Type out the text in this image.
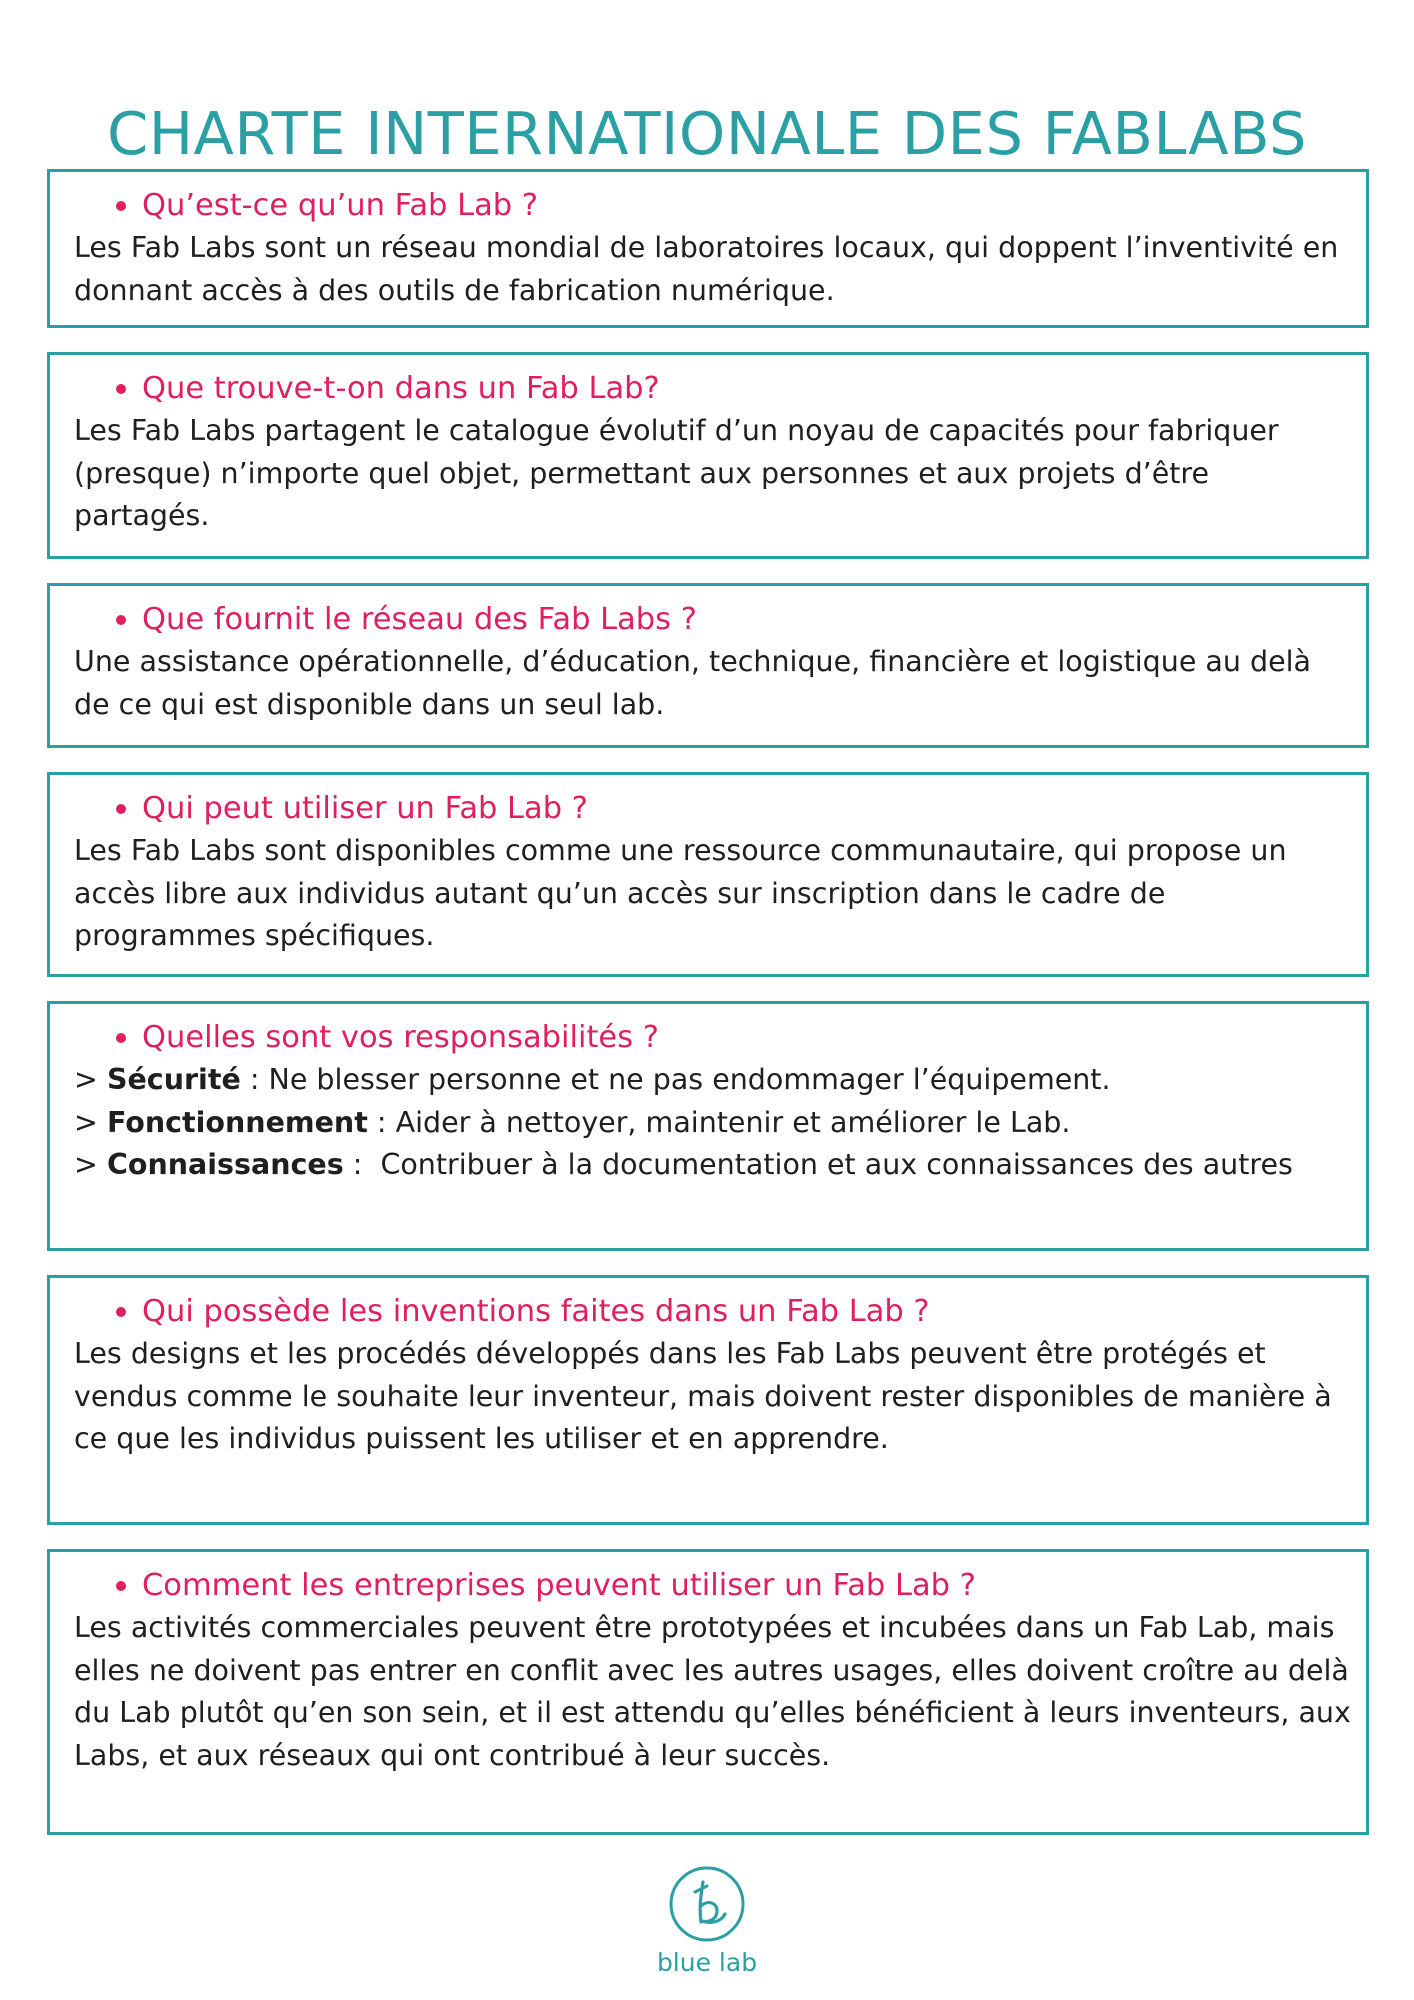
CHARTE INTERNATIONALE DES FABLABS
Qu’est-ce qu’un Fab Lab ?
Les Fab Labs sont un réseau mondial de laboratoires locaux, qui doppent l’inventivité en donnant accès à des outils de fabrication numérique.
Que trouve-t-on dans un Fab Lab?
Les Fab Labs partagent le catalogue évolutif d’un noyau de capacités pour fabriquer (presque) n’importe quel objet, permettant aux personnes et aux projets d’être partagés.
Que fournit le réseau des Fab Labs ?
Une assistance opérationnelle, d’éducation, technique, financière et logistique au delà de ce qui est disponible dans un seul lab.
Qui peut utiliser un Fab Lab ?
Les Fab Labs sont disponibles comme une ressource communautaire, qui propose un accès libre aux individus autant qu’un accès sur inscription dans le cadre de programmes spécifiques.
Quelles sont vos responsabilités ?
> Sécurité : Ne blesser personne et ne pas endommager l’équipement.
> Fonctionnement : Aider à nettoyer, maintenir et améliorer le Lab.
> Connaissances :  Contribuer à la documentation et aux connaissances des autres
Qui possède les inventions faites dans un Fab Lab ?
Les designs et les procédés développés dans les Fab Labs peuvent être protégés et vendus comme le souhaite leur inventeur, mais doivent rester disponibles de manière à ce que les individus puissent les utiliser et en apprendre.
Comment les entreprises peuvent utiliser un Fab Lab ?
Les activités commerciales peuvent être prototypées et incubées dans un Fab Lab, mais elles ne doivent pas entrer en conflit avec les autres usages, elles doivent croître au delà du Lab plutôt qu’en son sein, et il est attendu qu’elles bénéficient à leurs inventeurs, aux Labs, et aux réseaux qui ont contribué à leur succès.
blue lab
